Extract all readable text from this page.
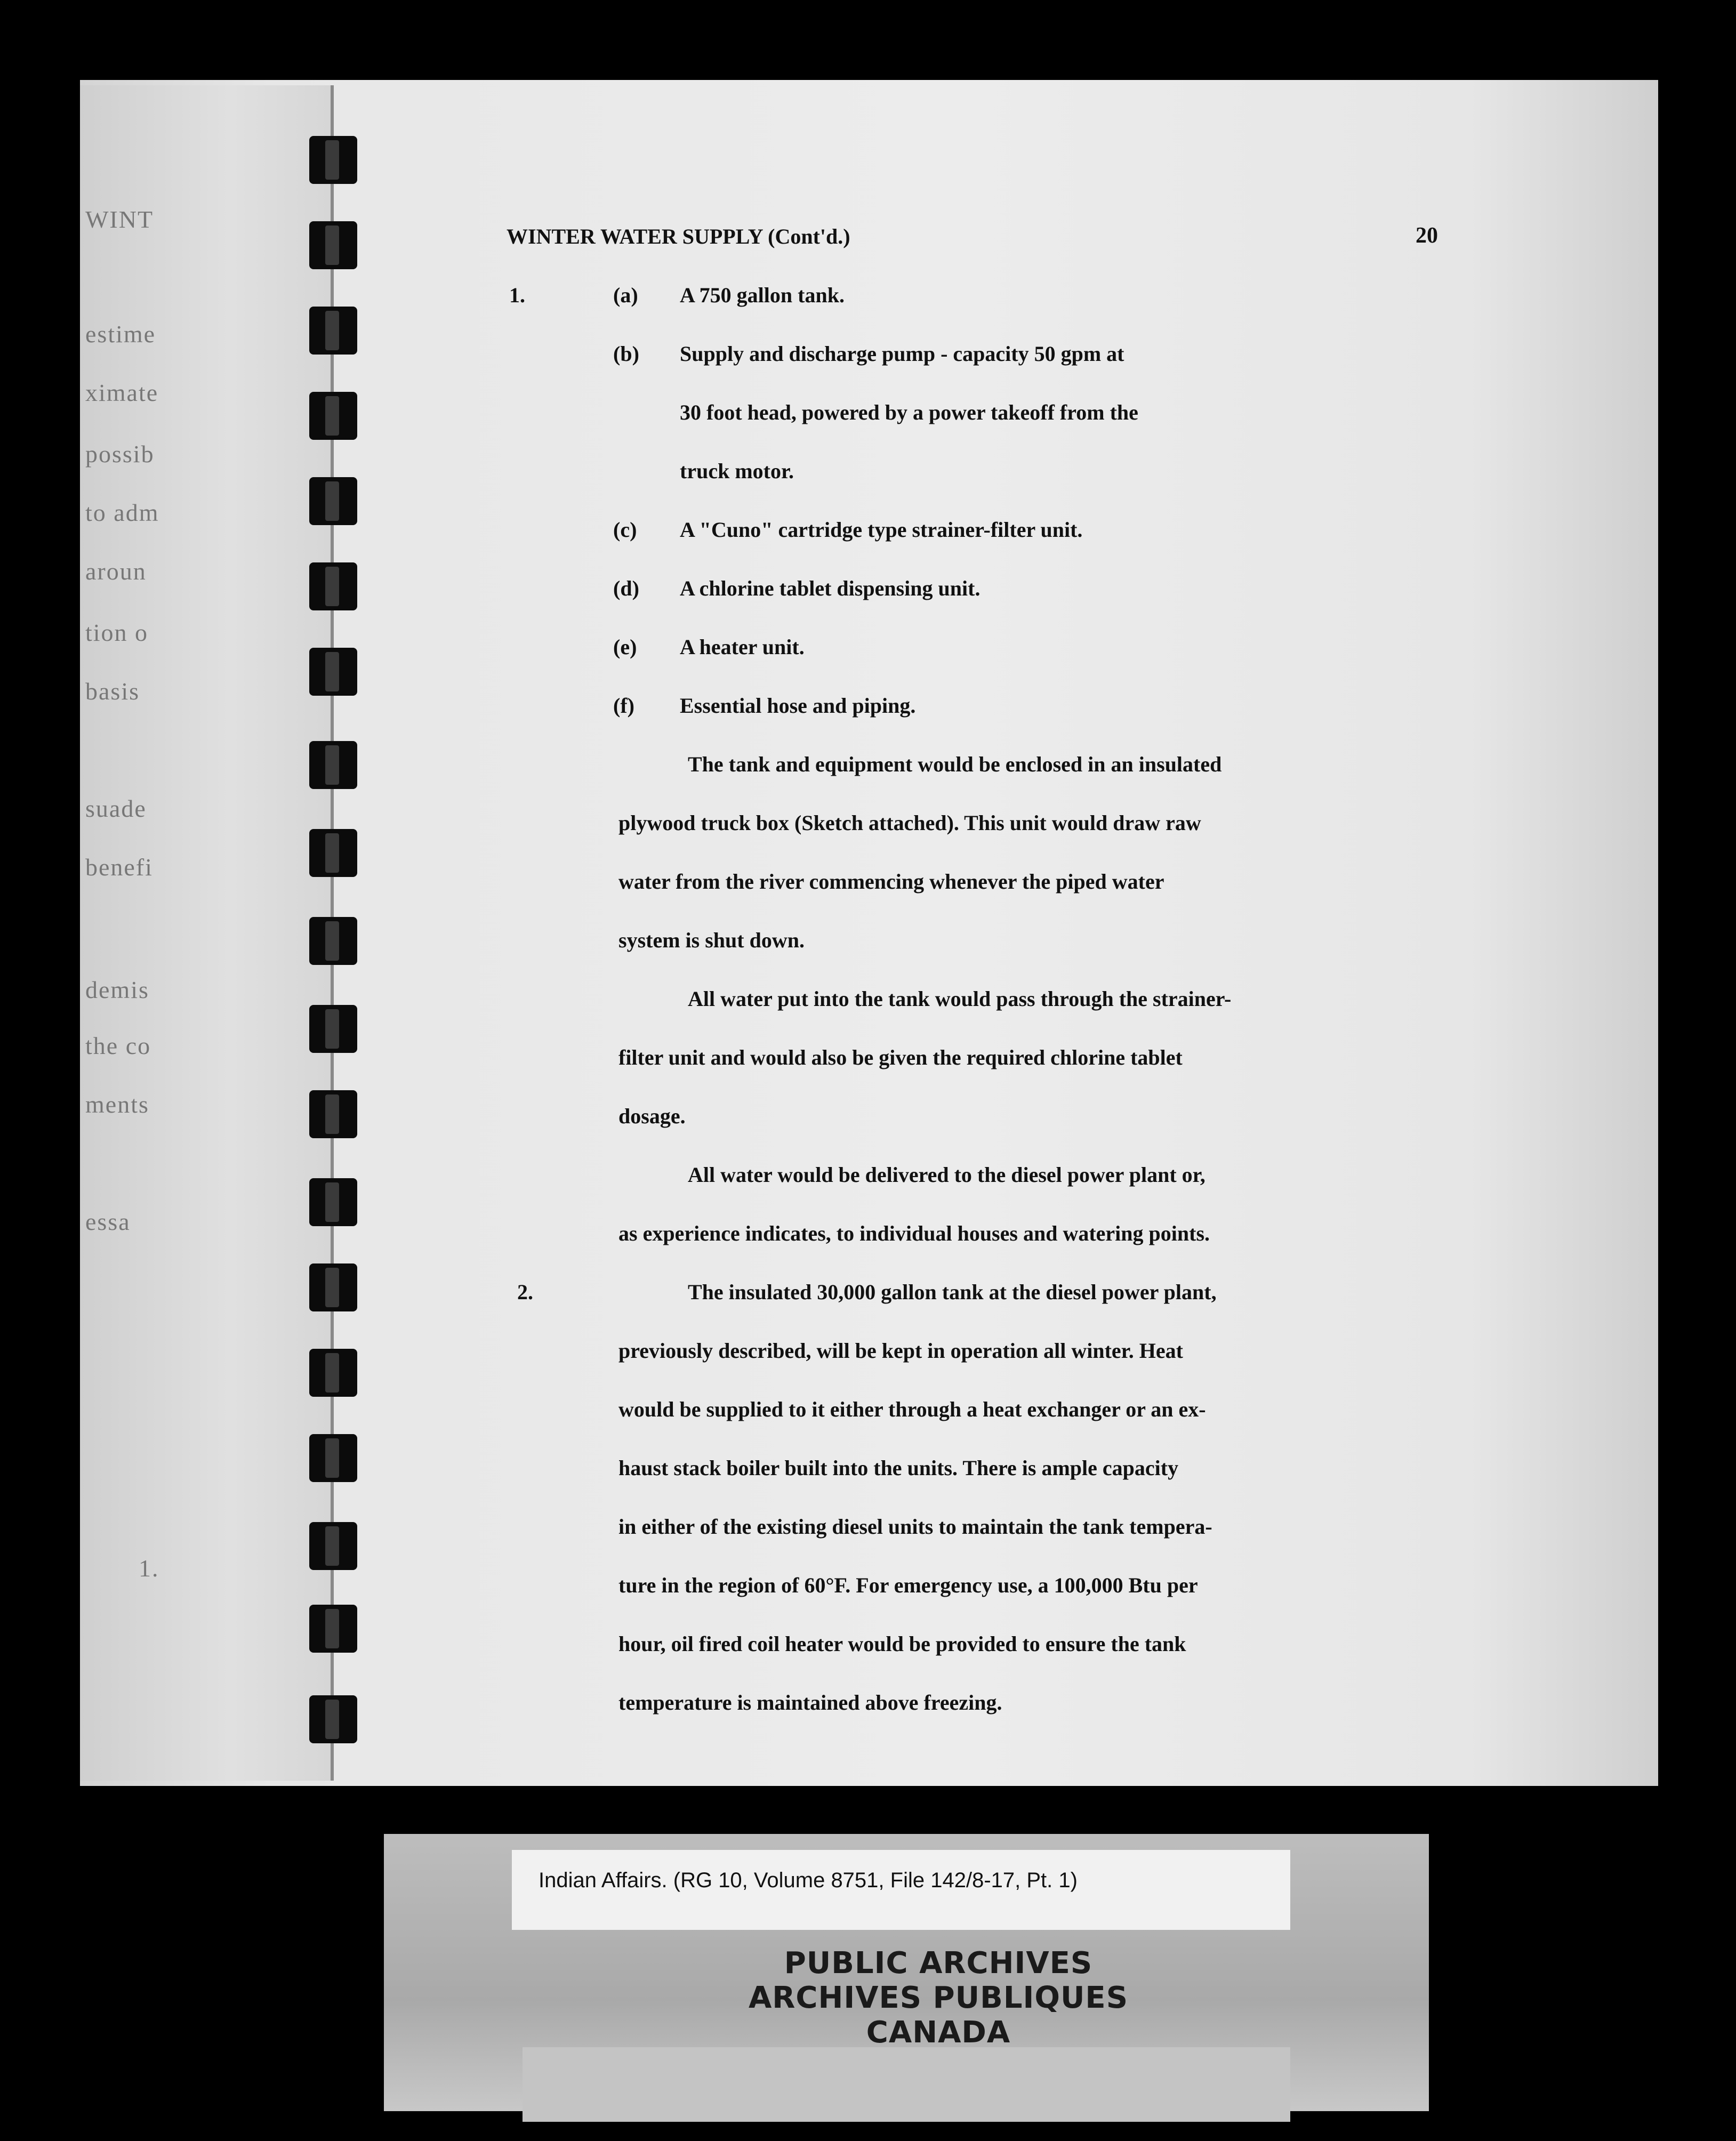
WINT
estime
ximate
possib
to adm
aroun
tion o
basis
suade
benefi
demis
the co
ments
essa
1.
WINTER WATER SUPPLY (Cont'd.)	20
1.	(a) A 750 gallon tank.
(b) Supply and discharge pump - capacity 50 gpm at
30 foot head, powered by a power takeoff from the
truck motor.
(c) A "Cuno" cartridge type strainer-filter unit.
(d) A chlorine tablet dispensing unit.
(e) A heater unit.
(f) Essential hose and piping.
The tank and equipment would be enclosed in an insulated
plywood truck box (Sketch attached). This unit would draw raw
water from the river commencing whenever the piped water
system is shut down.
All water put into the tank would pass through the strainer-
filter unit and would also be given the required chlorine tablet
dosage.
All water would be delivered to the diesel power plant or,
as experience indicates, to individual houses and watering points.
2.	The insulated 30,000 gallon tank at the diesel power plant,
previously described, will be kept in operation all winter. Heat
would be supplied to it either through a heat exchanger or an ex-
haust stack boiler built into the units. There is ample capacity
in either of the existing diesel units to maintain the tank tempera-
ture in the region of 60°F. For emergency use, a 100,000 Btu per
hour, oil fired coil heater would be provided to ensure the tank
temperature is maintained above freezing.
Indian Affairs. (RG 10, Volume 8751, File 142/8-17, Pt. 1)
PUBLIC ARCHIVES
ARCHIVES PUBLIQUES
CANADA
